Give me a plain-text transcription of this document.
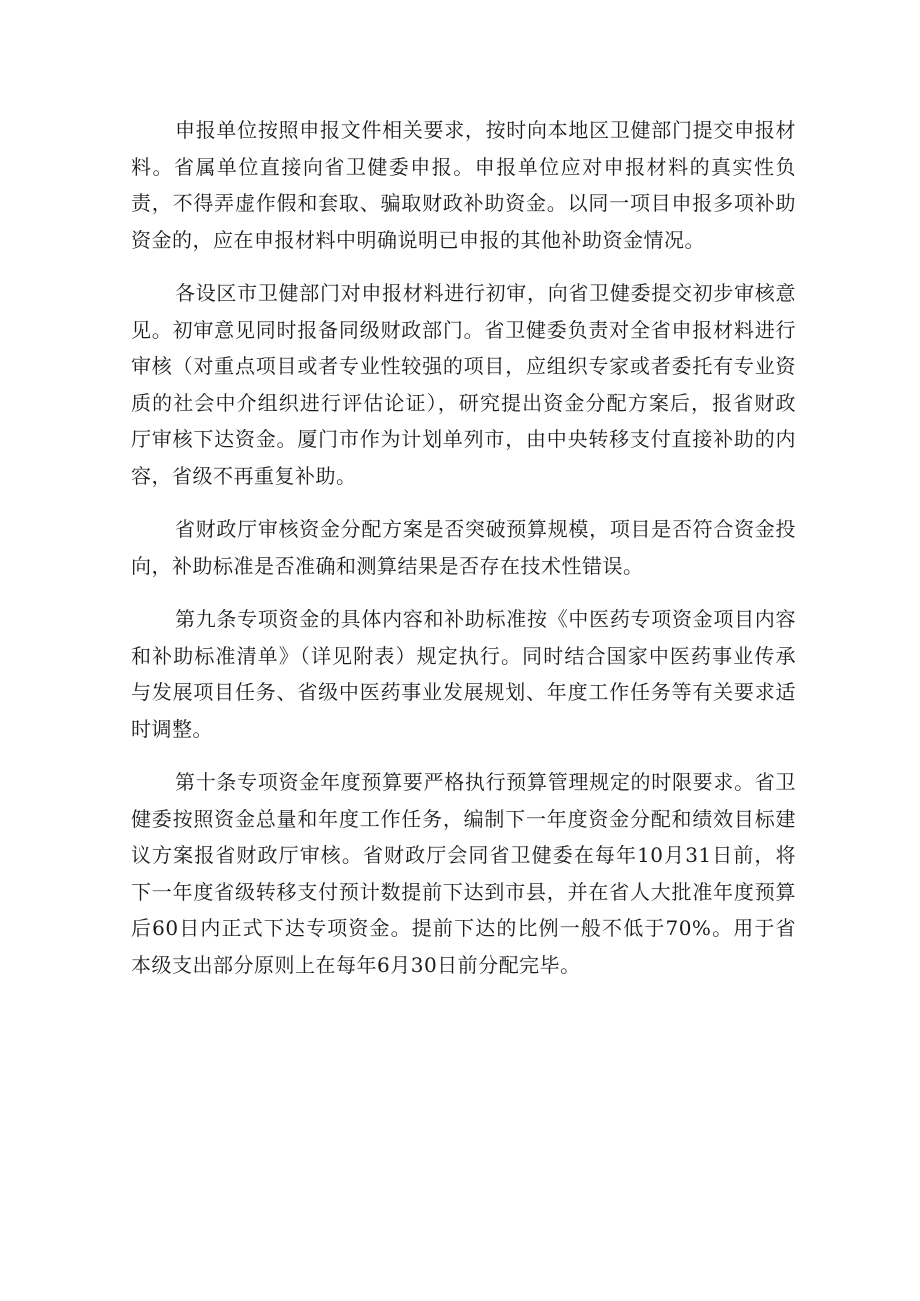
申报单位按照申报文件相关要求，按时向本地区卫健部门提交申报材料。省属单位直接向省卫健委申报。申报单位应对申报材料的真实性负责，不得弄虚作假和套取、骗取财政补助资金。以同一项目申报多项补助资金的，应在申报材料中明确说明已申报的其他补助资金情况。

各设区市卫健部门对申报材料进行初审，向省卫健委提交初步审核意见。初审意见同时报备同级财政部门。省卫健委负责对全省申报材料进行审核（对重点项目或者专业性较强的项目，应组织专家或者委托有专业资质的社会中介组织进行评估论证），研究提出资金分配方案后，报省财政厅审核下达资金。厦门市作为计划单列市，由中央转移支付直接补助的内容，省级不再重复补助。

省财政厅审核资金分配方案是否突破预算规模，项目是否符合资金投向，补助标准是否准确和测算结果是否存在技术性错误。

第九条专项资金的具体内容和补助标准按《中医药专项资金项目内容和补助标准清单》（详见附表）规定执行。同时结合国家中医药事业传承与发展项目任务、省级中医药事业发展规划、年度工作任务等有关要求适时调整。

第十条专项资金年度预算要严格执行预算管理规定的时限要求。省卫健委按照资金总量和年度工作任务，编制下一年度资金分配和绩效目标建议方案报省财政厅审核。省财政厅会同省卫健委在每年10月31日前，将下一年度省级转移支付预计数提前下达到市县，并在省人大批准年度预算后60日内正式下达专项资金。提前下达的比例一般不低于70%。用于省本级支出部分原则上在每年6月30日前分配完毕。
